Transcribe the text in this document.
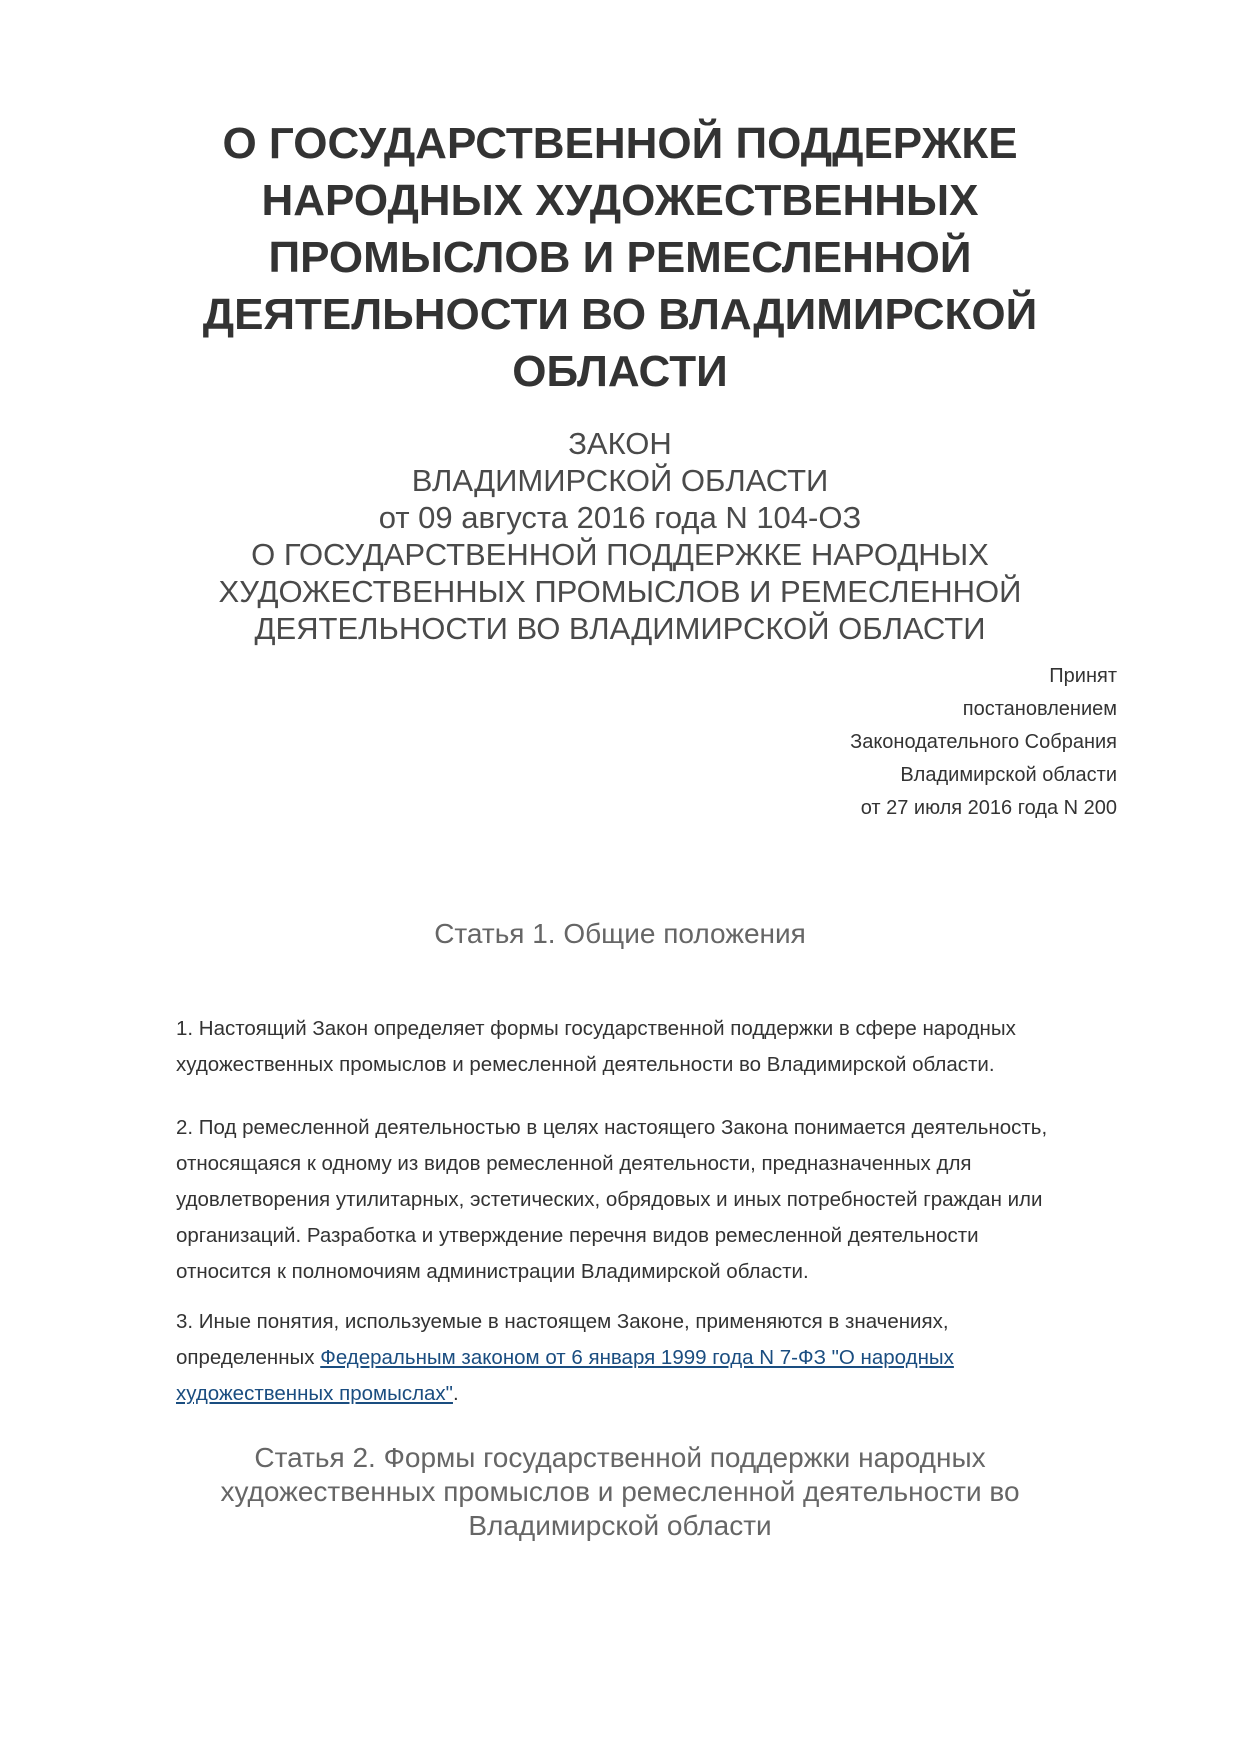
О ГОСУДАРСТВЕННОЙ ПОДДЕРЖКЕ
НАРОДНЫХ ХУДОЖЕСТВЕННЫХ
ПРОМЫСЛОВ И РЕМЕСЛЕННОЙ
ДЕЯТЕЛЬНОСТИ ВО ВЛАДИМИРСКОЙ
ОБЛАСТИ
ЗАКОН
ВЛАДИМИРСКОЙ ОБЛАСТИ
от 09 августа 2016 года N 104-ОЗ
О ГОСУДАРСТВЕННОЙ ПОДДЕРЖКЕ НАРОДНЫХ
ХУДОЖЕСТВЕННЫХ ПРОМЫСЛОВ И РЕМЕСЛЕННОЙ
ДЕЯТЕЛЬНОСТИ ВО ВЛАДИМИРСКОЙ ОБЛАСТИ
Принят
постановлением
Законодательного Собрания
Владимирской области
от 27 июля 2016 года N 200
Статья 1. Общие положения

1. Настоящий Закон определяет формы государственной поддержки в сфере народных
художественных промыслов и ремесленной деятельности во Владимирской области.

2. Под ремесленной деятельностью в целях настоящего Закона понимается деятельность,
относящаяся к одному из видов ремесленной деятельности, предназначенных для
удовлетворения утилитарных, эстетических, обрядовых и иных потребностей граждан или
организаций. Разработка и утверждение перечня видов ремесленной деятельности
относится к полномочиям администрации Владимирской области.

3. Иные понятия, используемые в настоящем Законе, применяются в значениях,
определенных Федеральным законом от 6 января 1999 года N 7-ФЗ "О народных
художественных промыслах".

Статья 2. Формы государственной поддержки народных
художественных промыслов и ремесленной деятельности во
Владимирской области
